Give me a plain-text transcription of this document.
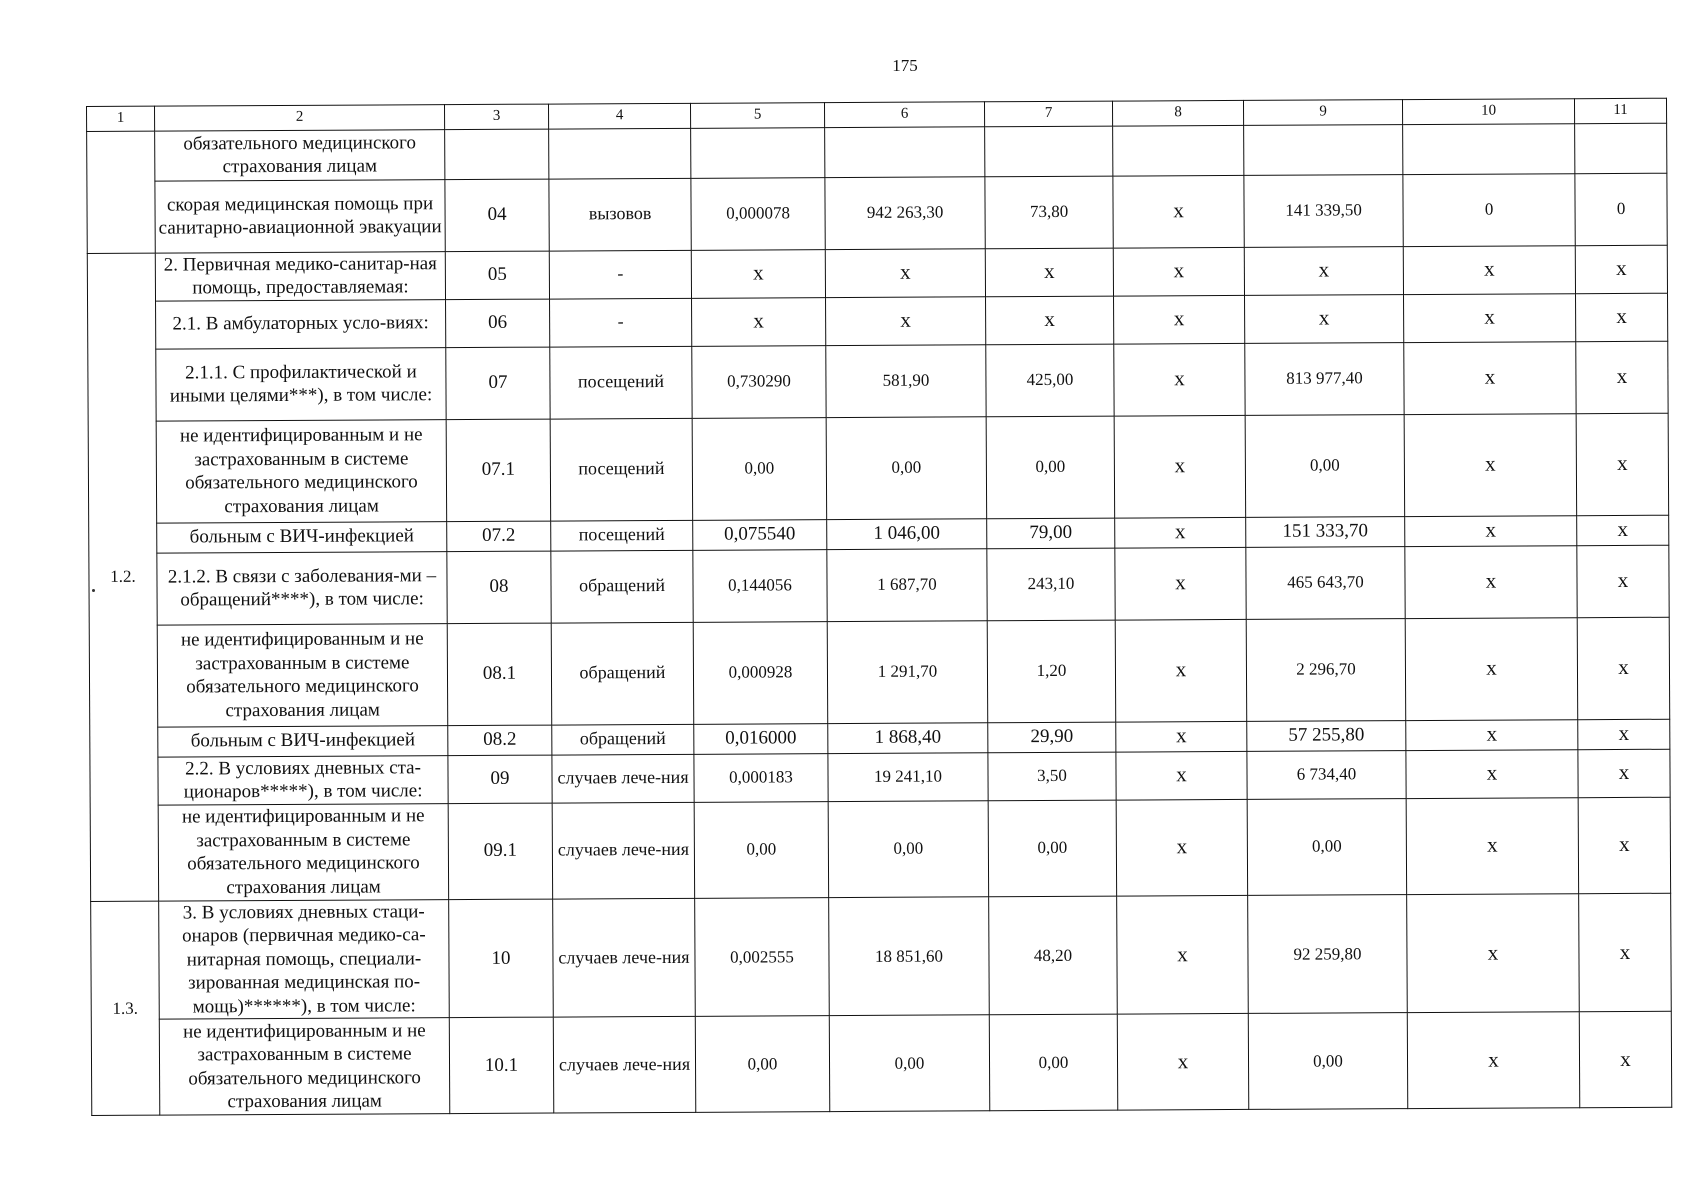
175
1	2	3	4	5	6	7	8	9	10	11
	обязательного медицинского страхования лицам									
	скорая медицинская помощь при санитарно-авиационной эвакуации	04	вызовов	0,000078	942 263,30	73,80	х	141 339,50	0	0
1.2.	2. Первичная медико-санитар-ная помощь, предоставляемая:	05	-	х	х	х	х	х	х	х
	2.1. В амбулаторных усло-виях:	06	-	х	х	х	х	х	х	х
	2.1.1. С профилактической и иными целями***), в том числе:	07	посещений	0,730290	581,90	425,00	х	813 977,40	х	х
	не идентифицированным и не застрахованным в системе обязательного медицинского страхования лицам	07.1	посещений	0,00	0,00	0,00	х	0,00	х	х
	больным с ВИЧ-инфекцией	07.2	посещений	0,075540	1 046,00	79,00	х	151 333,70	х	х
	2.1.2. В связи с заболевания-ми – обращений****), в том числе:	08	обращений	0,144056	1 687,70	243,10	х	465 643,70	х	х
	не идентифицированным и не застрахованным в системе обязательного медицинского страхования лицам	08.1	обращений	0,000928	1 291,70	1,20	х	2 296,70	х	х
	больным с ВИЧ-инфекцией	08.2	обращений	0,016000	1 868,40	29,90	х	57 255,80	х	х
	2.2. В условиях дневных ста-ционаров*****), в том числе:	09	случаев лече-ния	0,000183	19 241,10	3,50	х	6 734,40	х	х
	не идентифицированным и не застрахованным в системе обязательного медицинского страхования лицам	09.1	случаев лече-ния	0,00	0,00	0,00	х	0,00	х	х
1.3.	3. В условиях дневных стаци-онаров (первичная медико-са-нитарная помощь, специали-зированная медицинская по-мощь)******), в том числе:	10	случаев лече-ния	0,002555	18 851,60	48,20	х	92 259,80	х	х
	не идентифицированным и не застрахованным в системе обязательного медицинского страхования лицам	10.1	случаев лече-ния	0,00	0,00	0,00	х	0,00	х	х
